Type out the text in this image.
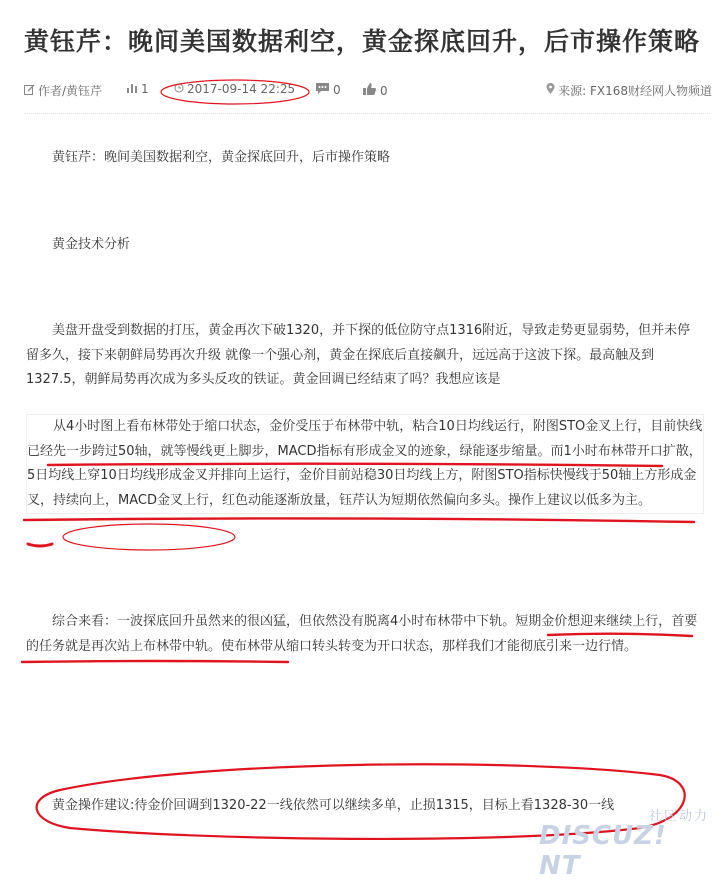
黄钰芹：晚间美国数据利空，黄金探底回升，后市操作策略
作者/黄钰芹	1	2017-09-14 22:25	0	0	来源: FX168财经网人物频道

黄钰芹：晚间美国数据利空，黄金探底回升，后市操作策略

黄金技术分析

美盘开盘受到数据的打压，黄金再次下破1320，并下探的低位防守点1316附近，导致走势更显弱势，但并未停留多久，接下来朝鲜局势再次升级 就像一个强心剂，黄金在探底后直接飙升，远远高于这波下探。最高触及到1327.5，朝鲜局势再次成为多头反攻的铁证。黄金回调已经结束了吗？我想应该是

从4小时图上看布林带处于缩口状态，金价受压于布林带中轨，粘合10日均线运行，附图STO金叉上行，目前快线已经先一步跨过50轴，就等慢线更上脚步，MACD指标有形成金叉的迹象，绿能逐步缩量。而1小时布林带开口扩散，5日均线上穿10日均线形成金叉并排向上运行，金价目前站稳30日均线上方，附图STO指标快慢线于50轴上方形成金叉，持续向上，MACD金叉上行，红色动能逐渐放量，钰芹认为短期依然偏向多头。操作上建议以低多为主。

综合来看：一波探底回升虽然来的很凶猛，但依然没有脱离4小时布林带中下轨。短期金价想迎来继续上行，首要的任务就是再次站上布林带中轨。使布林带从缩口转头转变为开口状态，那样我们才能彻底引来一边行情。

黄金操作建议:待金价回调到1320-22一线依然可以继续多单，止损1315，目标上看1328-30一线

社区动力
DISCUZ! NT
